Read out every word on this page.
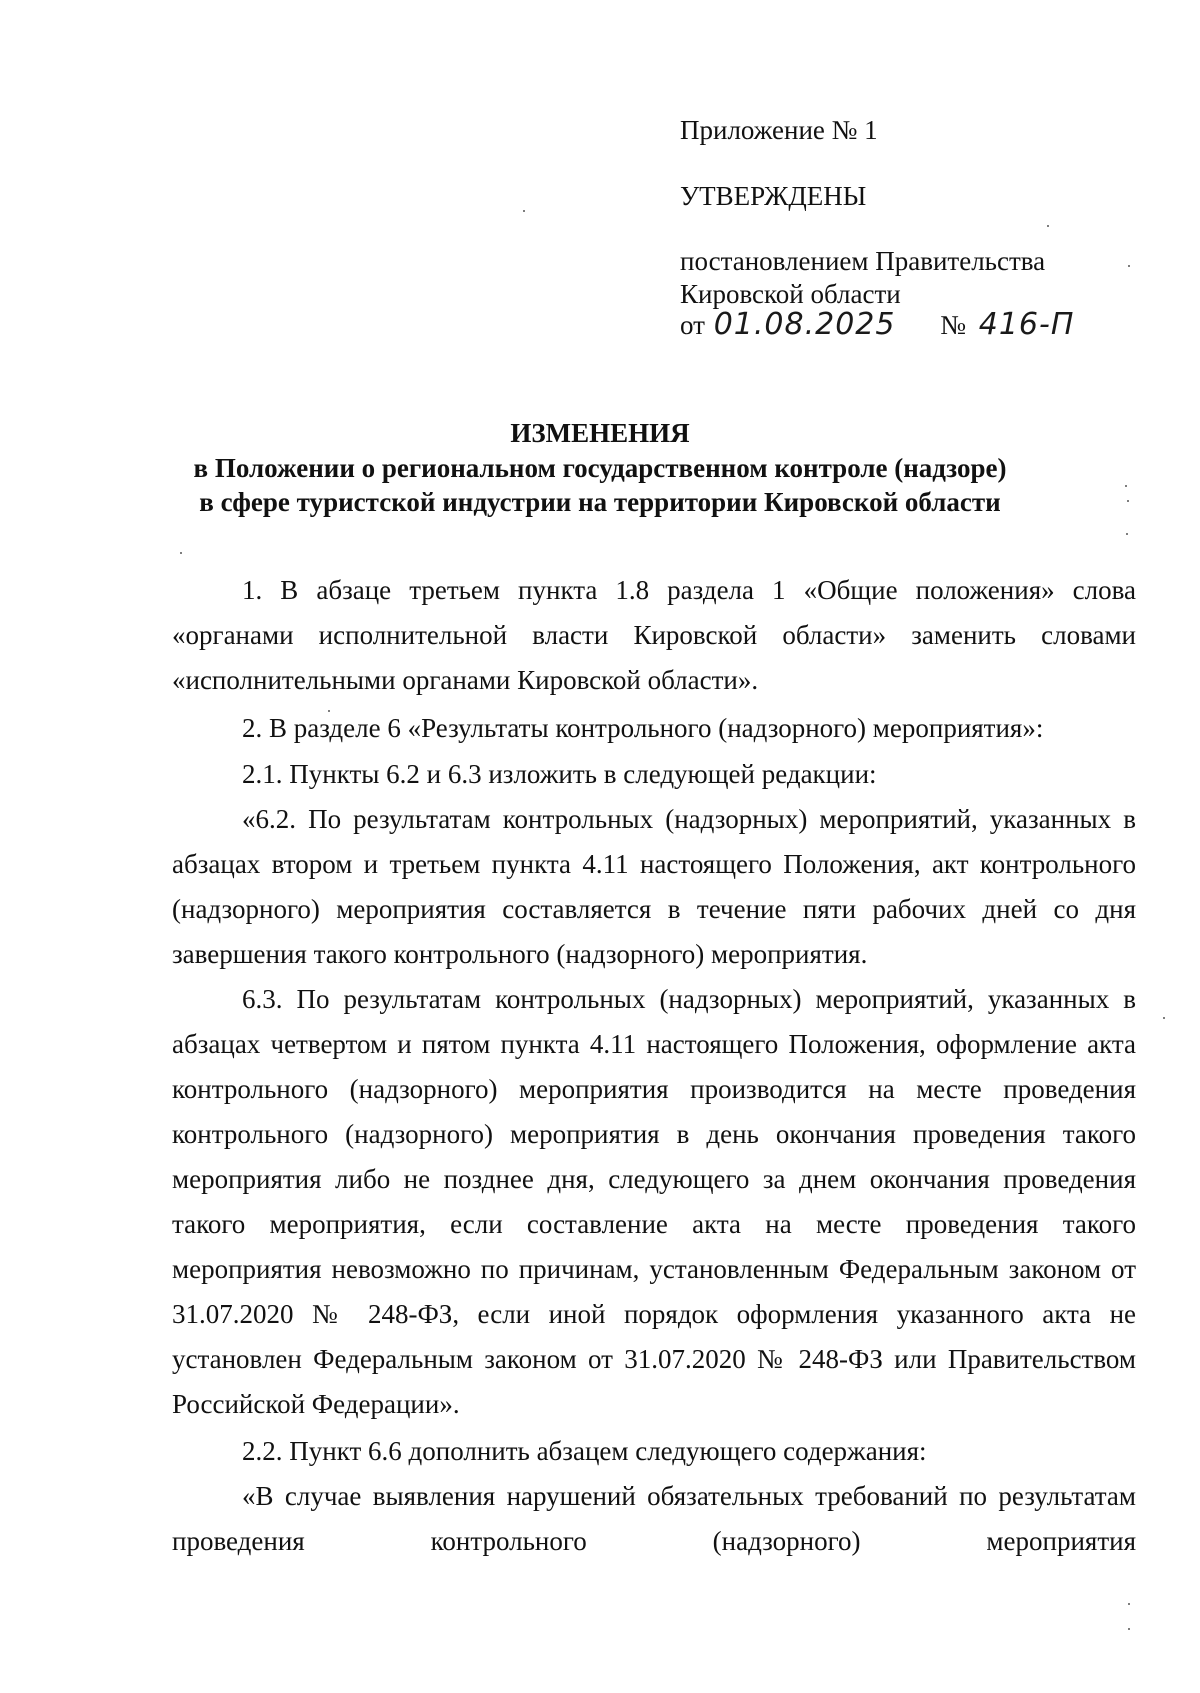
Приложение № 1
УТВЕРЖДЕНЫ
постановлением Правительства
Кировской области
от 01.08.2025 № 416-П
ИЗМЕНЕНИЯ
в Положении о региональном государственном контроле (надзоре)
в сфере туристской индустрии на территории Кировской области
1. В абзаце третьем пункта 1.8 раздела 1 «Общие положения» слова «органами исполнительной власти Кировской области» заменить словами «исполнительными органами Кировской области».
2. В разделе 6 «Результаты контрольного (надзорного) мероприятия»:
2.1. Пункты 6.2 и 6.3 изложить в следующей редакции:
«6.2. По результатам контрольных (надзорных) мероприятий, указанных в абзацах втором и третьем пункта 4.11 настоящего Положения, акт контрольного (надзорного) мероприятия составляется в течение пяти рабочих дней со дня завершения такого контрольного (надзорного) мероприятия.
6.3. По результатам контрольных (надзорных) мероприятий, указанных в абзацах четвертом и пятом пункта 4.11 настоящего Положения, оформление акта контрольного (надзорного) мероприятия производится на месте проведения контрольного (надзорного) мероприятия в день окончания проведения такого мероприятия либо не позднее дня, следующего за днем окончания проведения такого мероприятия, если составление акта на месте проведения такого мероприятия невозможно по причинам, установленным Федеральным законом от 31.07.2020 № 248-ФЗ, если иной порядок оформления указанного акта не установлен Федеральным законом от 31.07.2020 № 248-ФЗ или Правительством Российской Федерации».
2.2. Пункт 6.6 дополнить абзацем следующего содержания:
«В случае выявления нарушений обязательных требований по результатам проведения контрольного (надзорного) мероприятия
